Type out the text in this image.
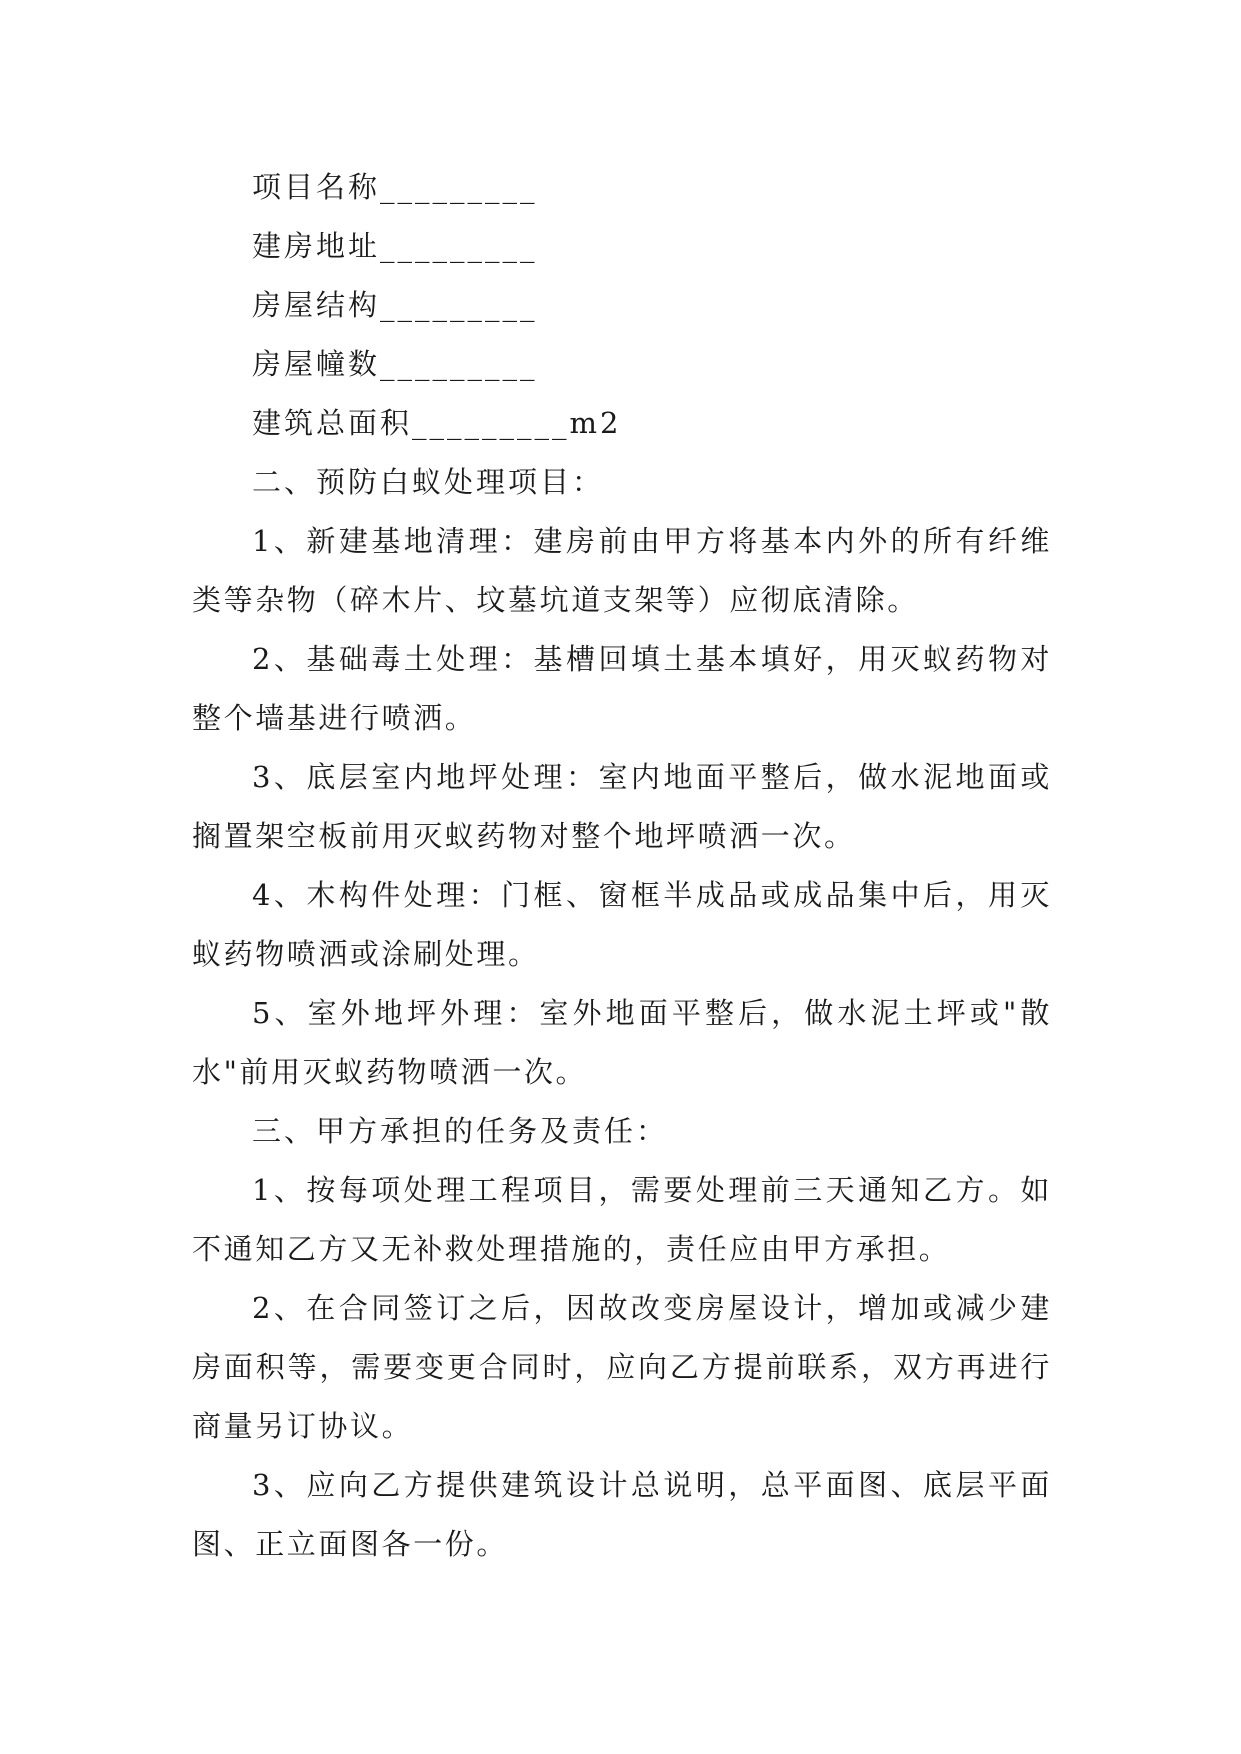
项目名称_________
建房地址_________
房屋结构_________
房屋幢数_________
建筑总面积_________m2
二、预防白蚁处理项目：

1、新建基地清理：建房前由甲方将基本内外的所有纤维类等杂物（碎木片、坟墓坑道支架等）应彻底清除。

2、基础毒土处理：基槽回填土基本填好，用灭蚁药物对整个墙基进行喷洒。

3、底层室内地坪处理：室内地面平整后，做水泥地面或搁置架空板前用灭蚁药物对整个地坪喷洒一次。

4、木构件处理：门框、窗框半成品或成品集中后，用灭蚁药物喷洒或涂刷处理。

5、室外地坪外理：室外地面平整后，做水泥土坪或"散水"前用灭蚁药物喷洒一次。

三、甲方承担的任务及责任：

1、按每项处理工程项目，需要处理前三天通知乙方。如不通知乙方又无补救处理措施的，责任应由甲方承担。

2、在合同签订之后，因故改变房屋设计，增加或减少建房面积等，需要变更合同时，应向乙方提前联系，双方再进行商量另订协议。

3、应向乙方提供建筑设计总说明，总平面图、底层平面图、正立面图各一份。
